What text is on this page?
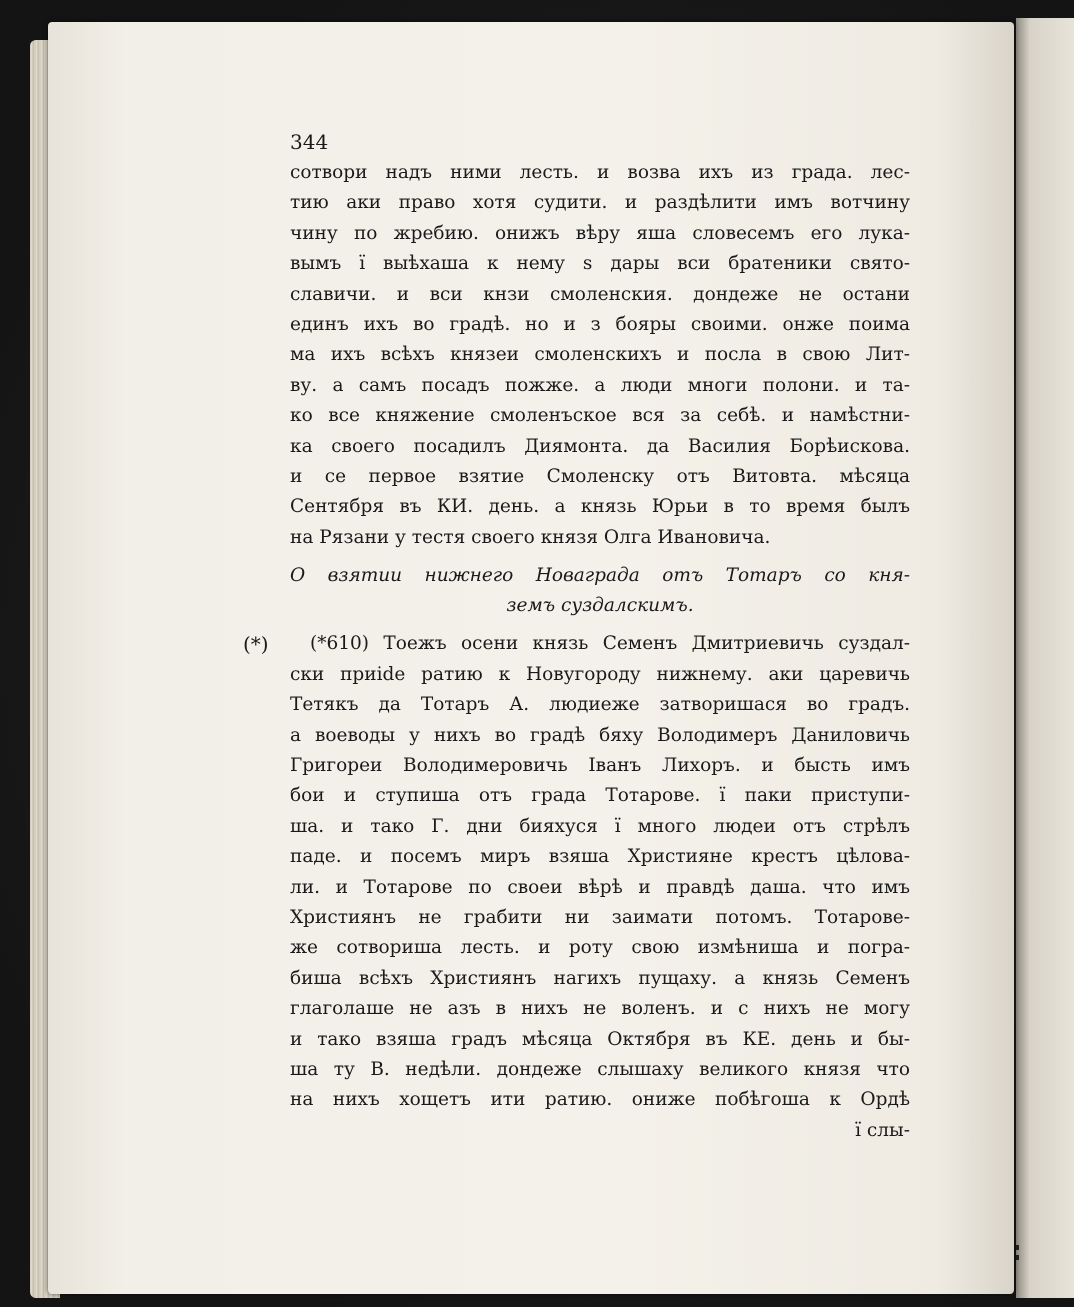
344
сотвори надъ ними лесть. и возва ихъ из града. лес-
тию аки право хотя судити. и раздѣлити имъ вотчину
чину по жребию. онижъ вѣру яша словесемъ его лука-
вымъ ї выѣхаша к нему ѕ дары вси братеники свято-
славичи. и вси кнзи смоленския. дондеже не остани
единъ ихъ во градѣ. но и з бояры своими. онже поима
ма ихъ всѣхъ князеи смоленскихъ и посла в свою Лит-
ву. а самъ посадъ пожже. а люди многи полони. и та-
ко все княжение смоленъское вся за себѣ. и намѣстни-
ка своего посадилъ Диямонта. да Василия Борѣискова.
и се первое взятие Смоленску отъ Витовта. мѣсяца
Сентября въ КИ. день. а князь Юрьи в то время былъ
на Рязани у тестя своего князя Олга Ивановича.
О взятии нижнего Новаграда отъ Тотаръ со кня-
земъ суздалскимъ.
(*) (*610) Тоежъ осени князь Семенъ Дмитриевичь суздал-
ски приide ратию к Новугороду нижнему. аки царевичь
Тетякъ да Тотаръ А. людиеже затворишася во градъ.
а воеводы у нихъ во градѣ бяху Володимеръ Даниловичь
Григореи Володимеровичь Іванъ Лихоръ. и бысть имъ
бои и ступиша отъ града Тотарове. ї паки приступи-
ша. и тако Г. дни бияхуся ї много людеи отъ стрѣлъ
паде. и посемъ миръ взяша Християне крестъ цѣлова-
ли. и Тотарове по своеи вѣрѣ и правдѣ даша. что имъ
Християнъ не грабити ни заимати потомъ. Тотарове-
же сотвориша лесть. и роту свою измѣниша и погра-
биша всѣхъ Християнъ нагихъ пущаху. а князь Семенъ
глаголаше не азъ в нихъ не воленъ. и с нихъ не могу
и тако взяша градъ мѣсяца Октября въ КЕ. день и бы-
ша ту В. недѣли. дондеже слышаху великого князя что
на нихъ хощетъ ити ратию. ониже побѣгоша к Ордѣ
ї слы-
